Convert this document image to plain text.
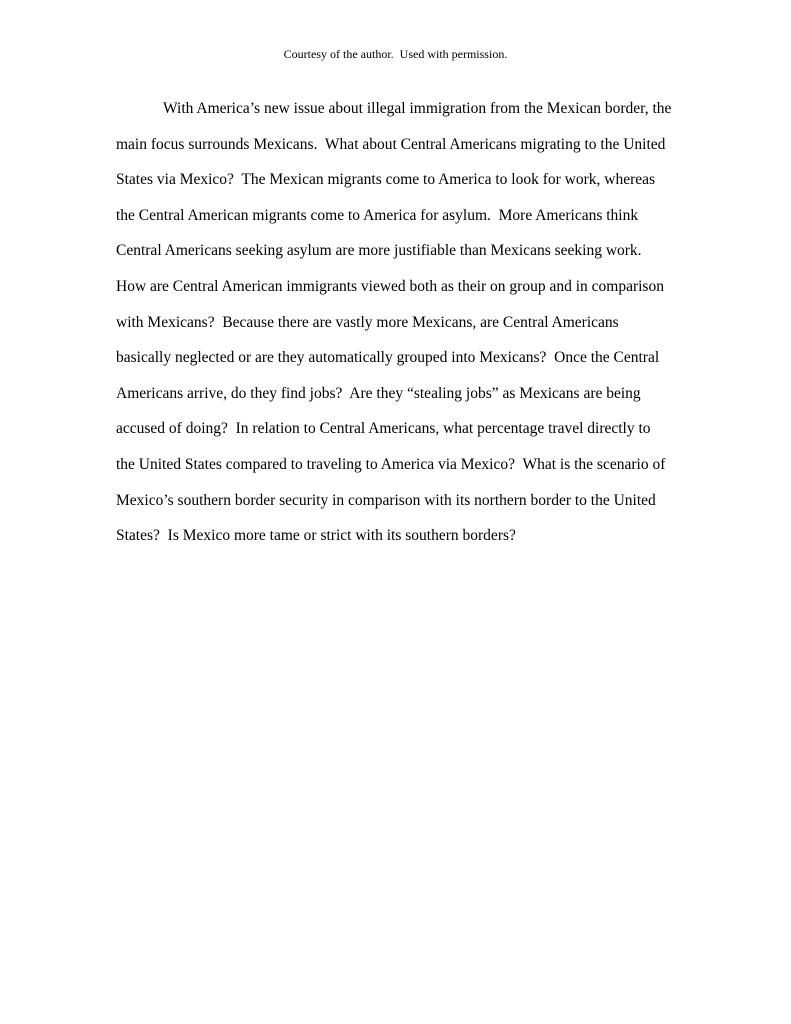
Courtesy of the author.  Used with permission.
With America’s new issue about illegal immigration from the Mexican border, the
main focus surrounds Mexicans.  What about Central Americans migrating to the United
States via Mexico?  The Mexican migrants come to America to look for work, whereas
the Central American migrants come to America for asylum.  More Americans think
Central Americans seeking asylum are more justifiable than Mexicans seeking work.
How are Central American immigrants viewed both as their on group and in comparison
with Mexicans?  Because there are vastly more Mexicans, are Central Americans
basically neglected or are they automatically grouped into Mexicans?  Once the Central
Americans arrive, do they find jobs?  Are they “stealing jobs” as Mexicans are being
accused of doing?  In relation to Central Americans, what percentage travel directly to
the United States compared to traveling to America via Mexico?  What is the scenario of
Mexico’s southern border security in comparison with its northern border to the United
States?  Is Mexico more tame or strict with its southern borders?
